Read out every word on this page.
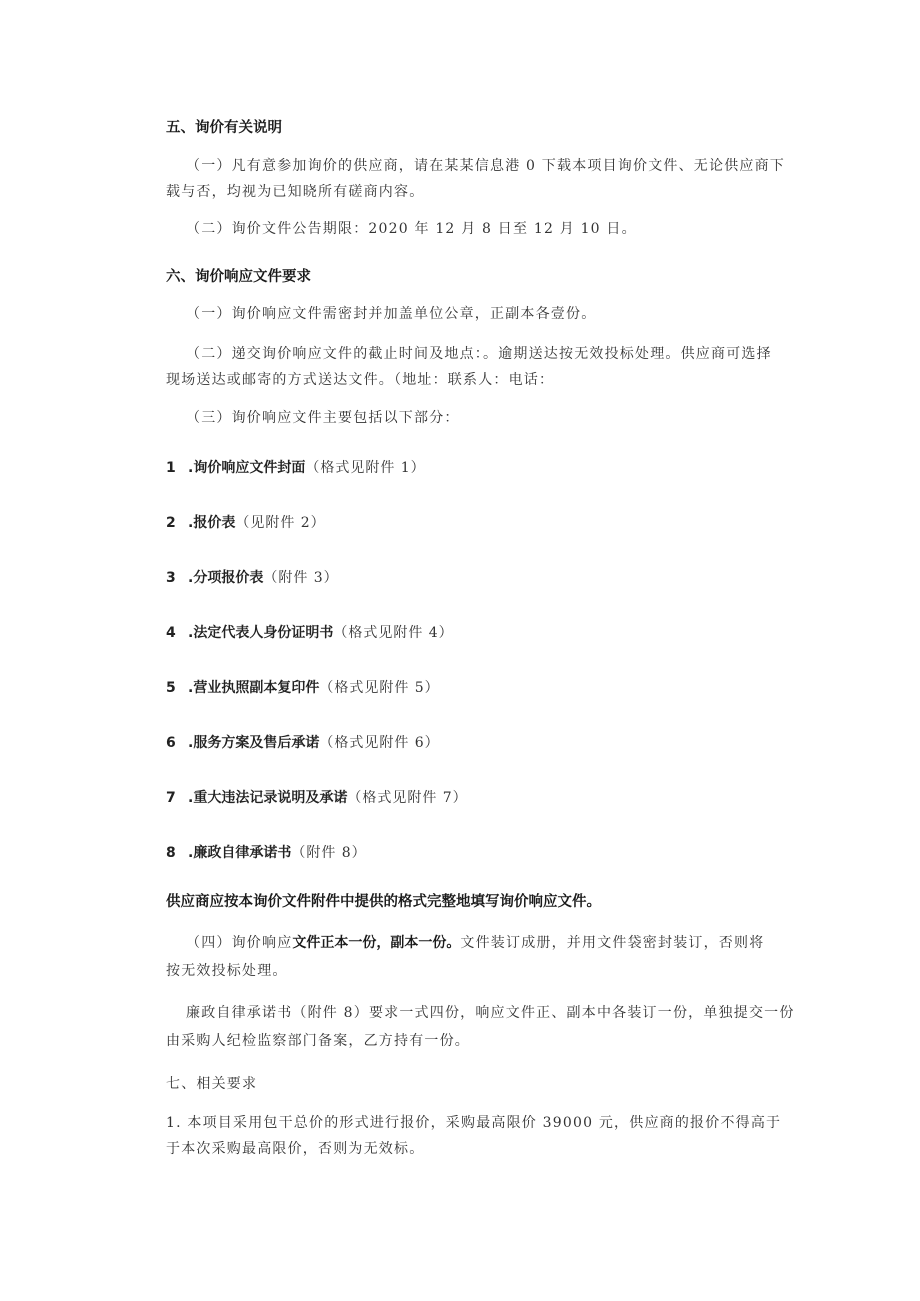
五、询价有关说明

（一）凡有意参加询价的供应商，请在某某信息港 0 下载本项目询价文件、无论供应商下

载与否，均视为已知晓所有磋商内容。

（二）询价文件公告期限：2020 年 12 月 8 日至 12 月 10 日。

六、询价响应文件要求

（一）询价响应文件需密封并加盖单位公章，正副本各壹份。

（二）递交询价响应文件的截止时间及地点：。逾期送达按无效投标处理。供应商可选择

现场送达或邮寄的方式送达文件。（地址：联系人：电话：

（三）询价响应文件主要包括以下部分：

1 .询价响应文件封面（格式见附件 1）

2 .报价表（见附件 2）

3 .分项报价表（附件 3）

4 .法定代表人身份证明书（格式见附件 4）

5 .营业执照副本复印件（格式见附件 5）

6 .服务方案及售后承诺（格式见附件 6）

7 .重大违法记录说明及承诺（格式见附件 7）

8 .廉政自律承诺书（附件 8）

供应商应按本询价文件附件中提供的格式完整地填写询价响应文件。

（四）询价响应文件正本一份，副本一份。文件装订成册，并用文件袋密封装订，否则将

按无效投标处理。

廉政自律承诺书（附件 8）要求一式四份，响应文件正、副本中各装订一份，单独提交一份

由采购人纪检监察部门备案，乙方持有一份。

七、相关要求

1. 本项目采用包干总价的形式进行报价，采购最高限价 39000 元，供应商的报价不得高于

于本次采购最高限价，否则为无效标。
